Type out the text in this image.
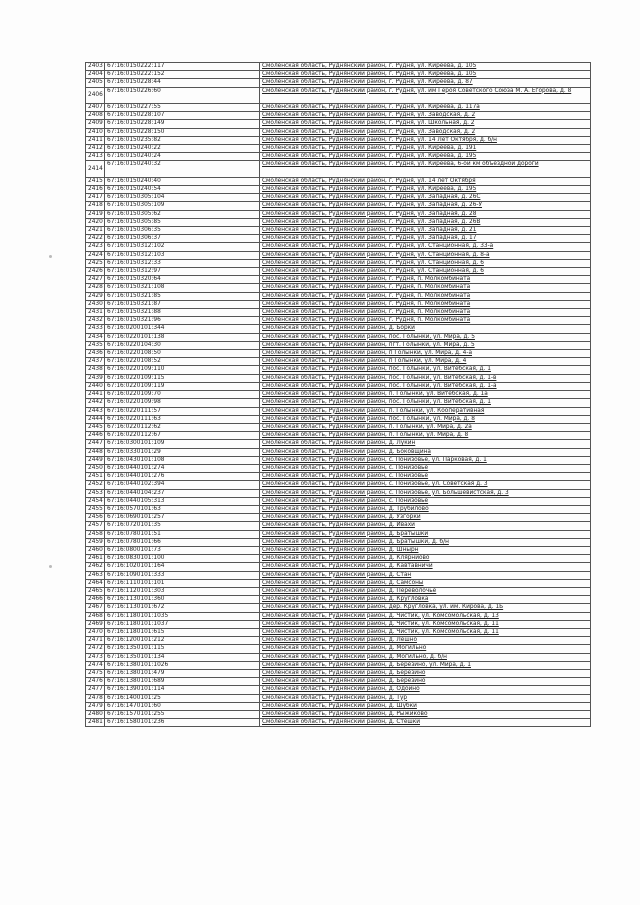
2403	67:16:0150222:117	Смоленская область, Руднянский район, г. Рудня, ул. Киреева, д. 105
2404	67:16:0150222:152	Смоленская область, Руднянский район, г. Рудня, ул. Киреева, д. 105
2405	67:16:0150228:44	Смоленская область, Руднянский район, г. Рудня, ул. Киреева, д. 87
2406	67:16:0150226:60	Смоленская область, Руднянский район, г. Рудня, ул. им Героя Советского Союза М. А. Егорова, д. 8
2407	67:16:0150227:55	Смоленская область, Руднянский район, г. Рудня, ул. Киреева, д. 117а
2408	67:16:0150228:107	Смоленская область, Руднянский район, г. Рудня, ул. Заводская, д. 2
2409	67:16:0150228:149	Смоленская область, Руднянский район, г. Рудня, ул. Школьная, д. 2
2410	67:16:0150228:150	Смоленская область, Руднянский район, г. Рудня, ул. Заводская, д. 2
2411	67:16:0150235:82	Смоленская область, Руднянский район, г. Рудня, ул. 14 Лет Октября, д. б/н
2412	67:16:0150240:22	Смоленская область, Руднянский район, г. Рудня, ул. Киреева, д. 191
2413	67:16:0150240:24	Смоленская область, Руднянский район, г. Рудня, ул. Киреева, д. 195
2414	67:16:0150240:32	Смоленская область, Руднянский район, г. Рудня, ул. Киреева, 6-ой км объездной дороги
2415	67:16:0150240:40	Смоленская область, Руднянский район, г. Рудня, ул. 14 лет Октября
2416	67:16:0150240:54	Смоленская область, Руднянский район, г. Рудня, ул. Киреева, д. 195
2417	67:16:0150305:104	Смоленская область, Руднянский район, г. Рудня, ул. Западная, д. 26С
2418	67:16:0150305:109	Смоленская область, Руднянский район, г. Рудня, ул. Западная, д. 26-У
2419	67:16:0150305:62	Смоленская область, Руднянский район, г. Рудня, ул. Западная, д. 28
2420	67:16:0150305:85	Смоленская область, Руднянский район, г. Рудня, ул. Западная, д. 26В
2421	67:16:0150306:35	Смоленская область, Руднянский район, г. Рудня, ул. Западная, д. 21
2422	67:16:0150306:37	Смоленская область, Руднянский район, г. Рудня, ул. Западная, д. 17
2423	67:16:0150312:102	Смоленская область, Руднянский район, г. Рудня, ул. Станционная, д. 33-а
2424	67:16:0150312:103	Смоленская область, Руднянский район, г. Рудня, ул. Станционная, д. 8-а
2425	67:16:0150312:33	Смоленская область, Руднянский район, г. Рудня, ул. Станционная, д. 6
2426	67:16:0150312:97	Смоленская область, Руднянский район, г. Рудня, ул. Станционная, д. 6
2427	67:16:0150320:64	Смоленская область, Руднянский район, г. Рудня, п. Молкомбината
2428	67:16:0150321:108	Смоленская область, Руднянский район, г. Рудня, п. Молкомбината
2429	67:16:0150321:85	Смоленская область, Руднянский район, г. Рудня, п. Молкомбината
2430	67:16:0150321:87	Смоленская область, Руднянский район, г. Рудня, п. Молкомбината
2431	67:16:0150321:88	Смоленская область, Руднянский район, г. Рудня, п. Молкомбината
2432	67:16:0150321:96	Смоленская область, Руднянский район, г. Рудня, п. Молкомбината
2433	67:16:0200101:344	Смоленская область, Руднянский район, д. Борки
2434	67:16:0220101:138	Смоленская область, Руднянский район, пос. Голынки, ул. Мира, д. 5
2435	67:16:0220104:30	Смоленская область, Руднянский район, пгт. Голынки, ул. Мира, д. 5
2436	67:16:0220108:50	Смоленская область, Руднянский район, п Голынки, ул. Мира, д. 4-а
2437	67:16:0220108:52	Смоленская область, Руднянский район, п Голынки, ул. Мира, д. 4
2438	67:16:0220109:110	Смоленская область, Руднянский район, пос. Голынки, ул. Витебская, д. 1
2439	67:16:0220109:115	Смоленская область, Руднянский район, пос. Голынки, ул. Витебская, д. 1-в
2440	67:16:0220109:119	Смоленская область, Руднянский район, пос. Голынки, ул. Витебская, д. 1-а
2441	67:16:0220109:70	Смоленская область, Руднянский район, п. Голынки, ул. Витебская, д. 1а
2442	67:16:0220109:98	Смоленская область, Руднянский район, пос. Голынки, ул. Витебская, д. 1
2443	67:16:0220111:57	Смоленская область, Руднянский район, п. Голынки, ул. Кооперативная
2444	67:16:0220111:63	Смоленская область, Руднянский район, пос. Голынки, ул. Мира, д. 8
2445	67:16:0220112:62	Смоленская область, Руднянский район, п. Голынки, ул. Мира, д. 2а
2446	67:16:0220112:67	Смоленская область, Руднянский район, п. Голынки, ул. Мира, д. 8
2447	67:16:0300101:109	Смоленская область, Руднянский район, д. Лукин
2448	67:16:0330101:29	Смоленская область, Руднянский район, д. Боковщина
2449	67:16:0430101:108	Смоленская область, Руднянский район, с. Понизовье, ул. Парковая, д. 1
2450	67:16:0440101:274	Смоленская область, Руднянский район, с. Понизовье
2451	67:16:0440101:276	Смоленская область, Руднянский район, с. Понизовье
2452	67:16:0440102:394	Смоленская область, Руднянский район, с. Понизовье, ул. Советская д. 3
2453	67:16:0440104:237	Смоленская область, Руднянский район, с. Понизовье, ул. Большевистская, д. 3
2454	67:16:0440105:313	Смоленская область, Руднянский район, с. Понизовье
2455	67:16:0570101:63	Смоленская область, Руднянский район, д. Трубилово
2456	67:16:0690101:257	Смоленская область, Руднянский район, д. Узгорки
2457	67:16:0720101:35	Смоленская область, Руднянский район, д. Ивахи
2458	67:16:0780101:51	Смоленская область, Руднянский район, д. Братышки
2459	67:16:0780101:66	Смоленская область, Руднянский район, д. Братышки, д. б/н
2460	67:16:0800101:73	Смоленская область, Руднянский район, д. Шнырн
2461	67:16:0830101:100	Смоленская область, Руднянский район, д. Клярниово
2462	67:16:1020101:164	Смоленская область, Руднянский район, д. Кавтавничи
2463	67:16:1090101:333	Смоленская область, Руднянский район, д. Стан
2464	67:16:1110101:101	Смоленская область, Руднянский район, д. Самсоны
2465	67:16:1120101:303	Смоленская область, Руднянский район, д. Переволочье
2466	67:16:1130101:360	Смоленская область, Руднянский район, д. Кругловка
2467	67:16:1130101:672	Смоленская область, Руднянский район, дер. Кругловка, ул. им. Кирова, д. 1Б
2468	67:16:1180101:1035	Смоленская область, Руднянский район, д. Чистик, ул. Комсомольская, д. 13
2469	67:16:1180101:1037	Смоленская область, Руднянский район, д. Чистик, ул. Комсомольская, д. 11
2470	67:16:1180101:615	Смоленская область, Руднянский район, д. Чистик, ул. Комсомольская, д. 11
2471	67:16:1200101:212	Смоленская область, Руднянский район, д. Лешно
2472	67:16:1350101:115	Смоленская область, Руднянский район, д. Могильно
2473	67:16:1350101:134	Смоленская область, Руднянский район, д. Могильно, д. б/н
2474	67:16:1380101:1026	Смоленская область, Руднянский район, д. Березино, ул. Мира, д. 1
2475	67:16:1380101:479	Смоленская область, Руднянский район, д. Березино
2476	67:16:1380101:689	Смоленская область, Руднянский район, д. Березино
2477	67:16:1390101:114	Смоленская область, Руднянский район, д. Одоино
2478	67:16:1400101:25	Смоленская область, Руднянский район, д. Тур
2479	67:16:1470101:60	Смоленская область, Руднянский район, д. Шубки
2480	67:16:1570101:255	Смоленская область, Руднянский район, д. Рыжиково
2481	67:16:1580101:236	Смоленская область, Руднянский район, д. Стешки
